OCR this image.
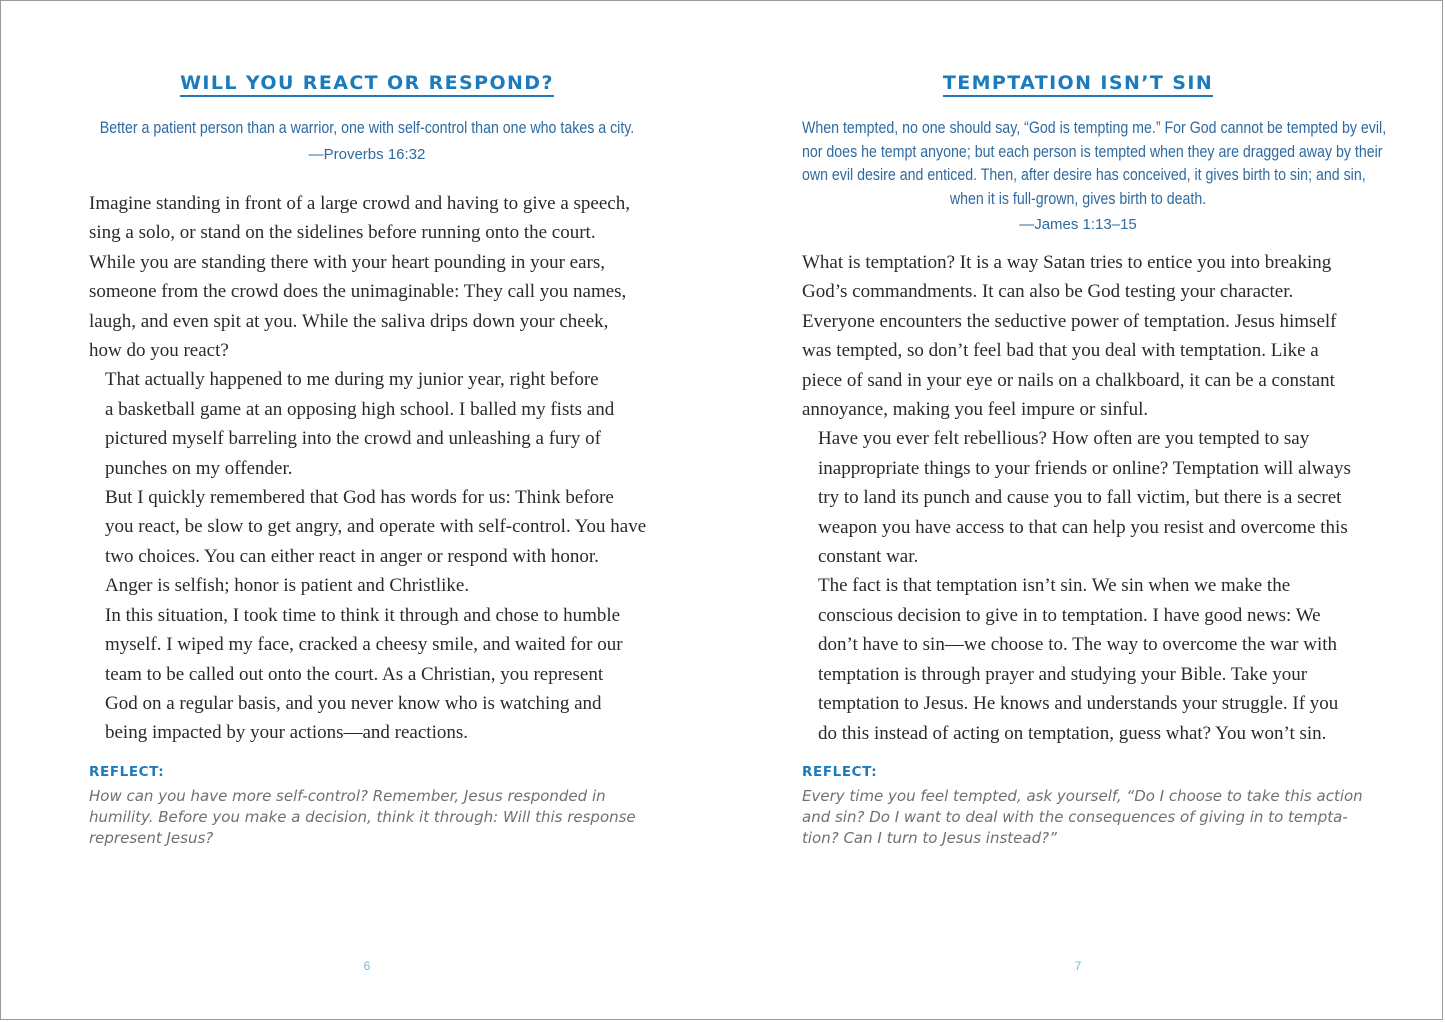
WILL YOU REACT OR RESPOND?
Better a patient person than a warrior, one with self-control than one who takes a city.
—Proverbs 16:32

Imagine standing in front of a large crowd and having to give a speech,
sing a solo, or stand on the sidelines before running onto the court.
While you are standing there with your heart pounding in your ears,
someone from the crowd does the unimaginable: They call you names,
laugh, and even spit at you. While the saliva drips down your cheek,
how do you react?

That actually happened to me during my junior year, right before
a basketball game at an opposing high school. I balled my fists and
pictured myself barreling into the crowd and unleashing a fury of
punches on my offender.

But I quickly remembered that God has words for us: Think before
you react, be slow to get angry, and operate with self-control. You have
two choices. You can either react in anger or respond with honor.
Anger is selfish; honor is patient and Christlike.

In this situation, I took time to think it through and chose to humble
myself. I wiped my face, cracked a cheesy smile, and waited for our
team to be called out onto the court. As a Christian, you represent
God on a regular basis, and you never know who is watching and
being impacted by your actions—and reactions.

REFLECT:
How can you have more self-control? Remember, Jesus responded in
humility. Before you make a decision, think it through: Will this response
represent Jesus?
6
TEMPTATION ISN’T SIN
When tempted, no one should say, “God is tempting me.” For God cannot be tempted by evil,
nor does he tempt anyone; but each person is tempted when they are dragged away by their
own evil desire and enticed. Then, after desire has conceived, it gives birth to sin; and sin,
when it is full-grown, gives birth to death.
—James 1:13–15

What is temptation? It is a way Satan tries to entice you into breaking
God’s commandments. It can also be God testing your character.
Everyone encounters the seductive power of temptation. Jesus himself
was tempted, so don’t feel bad that you deal with temptation. Like a
piece of sand in your eye or nails on a chalkboard, it can be a constant
annoyance, making you feel impure or sinful.

Have you ever felt rebellious? How often are you tempted to say
inappropriate things to your friends or online? Temptation will always
try to land its punch and cause you to fall victim, but there is a secret
weapon you have access to that can help you resist and overcome this
constant war.

The fact is that temptation isn’t sin. We sin when we make the
conscious decision to give in to temptation. I have good news: We
don’t have to sin—we choose to. The way to overcome the war with
temptation is through prayer and studying your Bible. Take your
temptation to Jesus. He knows and understands your struggle. If you
do this instead of acting on temptation, guess what? You won’t sin.

REFLECT:
Every time you feel tempted, ask yourself, “Do I choose to take this action
and sin? Do I want to deal with the consequences of giving in to tempta-
tion? Can I turn to Jesus instead?”
7
